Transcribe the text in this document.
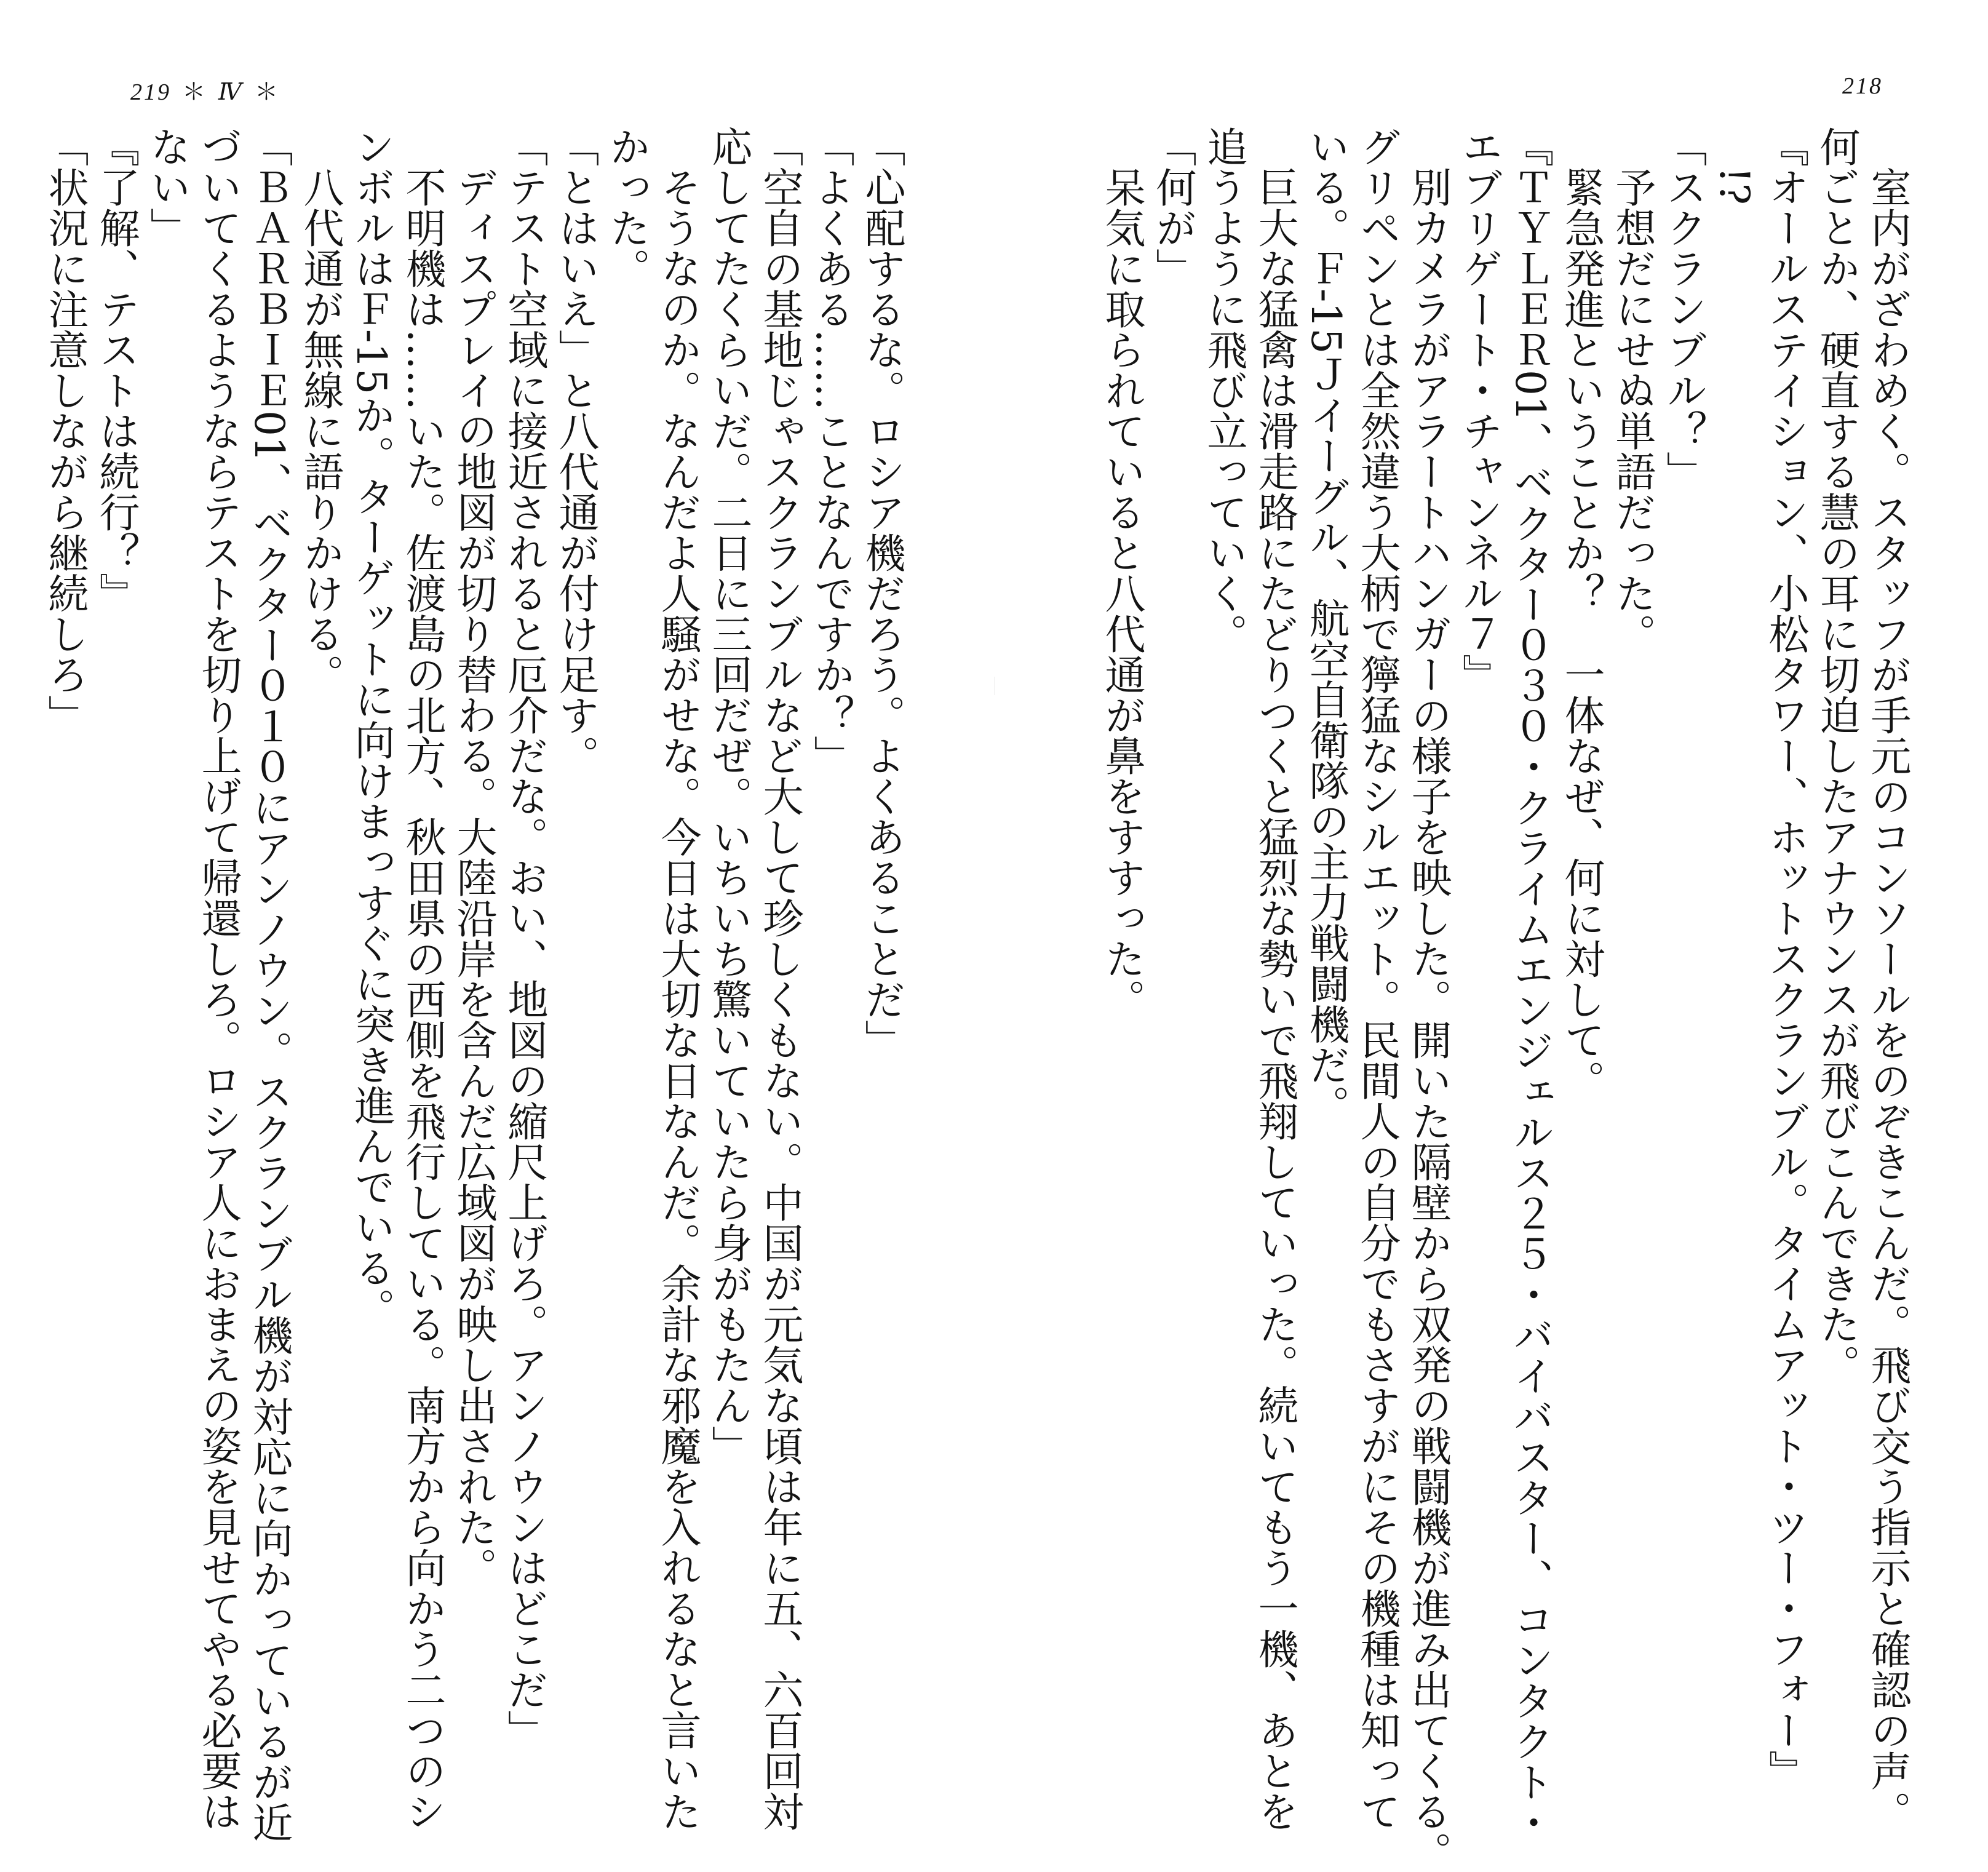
219 ＊ Ⅳ ＊	218
　室内がざわめく。スタッフが手元のコンソールをのぞきこんだ。飛び交う指示と確認の声。
何ごとか、硬直する慧の耳に切迫したアナウンスが飛びこんできた。
『オールステイション、小松タワー、ホットスクランブル。タイムアット・ツー・フォー』
　!?
「スクランブル？」
　予想だにせぬ単語だった。
　緊急発進ということか？　一体なぜ、何に対して。
『ＴＹＬＥＲ01、ベクター０３０・クライムエンジェルス２５・バイバスター、コンタクト・
エブリゲート・チャンネル７』
　別カメラがアラートハンガーの様子を映した。開いた隔壁から双発の戦闘機が進み出てくる。
グリペンとは全然違う大柄で獰猛なシルエット。民間人の自分でもさすがにその機種は知って
いる。Ｆ‐15Ｊイーグル、航空自衛隊の主力戦闘機だ。
　巨大な猛禽は滑走路にたどりつくと猛烈な勢いで飛翔していった。続いてもう一機、あとを
追うように飛び立っていく。
「何が」
　呆気に取られていると八代通が鼻をすすった。
「心配するな。ロシア機だろう。よくあることだ」
「よくある……ことなんですか？」
「空自の基地じゃスクランブルなど大して珍しくもない。中国が元気な頃は年に五、六百回対
応してたくらいだ。二日に三回だぜ。いちいち驚いていたら身がもたん」
　そうなのか。なんだよ人騒がせな。今日は大切な日なんだ。余計な邪魔を入れるなと言いた
かった。
「とはいえ」と八代通が付け足す。
「テスト空域に接近されると厄介だな。おい、地図の縮尺上げろ。アンノウンはどこだ」
　ディスプレイの地図が切り替わる。大陸沿岸を含んだ広域図が映し出された。
　不明機は……いた。佐渡島の北方、秋田県の西側を飛行している。南方から向かう二つのシ
ンボルはＦ‐15か。ターゲットに向けまっすぐに突き進んでいる。
　八代通が無線に語りかける。
「ＢＡＲＢＩＥ01、ベクター０１０にアンノウン。スクランブル機が対応に向かっているが近
づいてくるようならテストを切り上げて帰還しろ。ロシア人におまえの姿を見せてやる必要は
ない」
『了解、テストは続行？』
「状況に注意しながら継続しろ」
